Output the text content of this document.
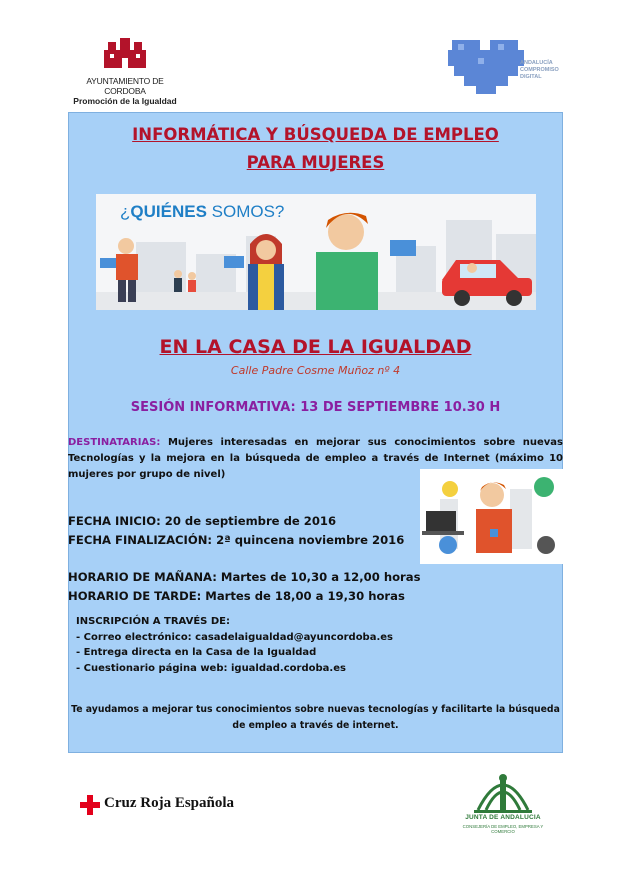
AYUNTAMIENTO DE CORDOBA
Promoción de la Igualdad
ANDALUCÍA
COMPROMISO
DIGITAL
INFORMÁTICA Y BÚSQUEDA DE EMPLEO
PARA MUJERES
¿QUIÉNES SOMOS?
EN LA CASA DE LA IGUALDAD
Calle Padre Cosme Muñoz nº 4
SESIÓN INFORMATIVA: 13 DE SEPTIEMBRE 10.30 H
DESTINATARIAS: Mujeres interesadas en mejorar sus conocimientos sobre nuevas Tecnologías y la mejora en la búsqueda de empleo a través de Internet (máximo 10 mujeres por grupo de nivel)
FECHA INICIO: 20 de septiembre de 2016
FECHA FINALIZACIÓN: 2ª quincena noviembre 2016
HORARIO DE MAÑANA: Martes de 10,30 a 12,00 horas
HORARIO DE TARDE: Martes de 18,00 a 19,30 horas
INSCRIPCIÓN A TRAVÉS DE:
- Correo electrónico: casadelaigualdad@ayuncordoba.es
- Entrega directa en la Casa de la Igualdad
- Cuestionario página web: igualdad.cordoba.es
Te ayudamos a mejorar tus conocimientos sobre nuevas tecnologías y facilitarte la búsqueda
de empleo a través de internet.
Cruz Roja Española
JUNTA DE ANDALUCIA
CONSEJERÍA DE EMPLEO, EMPRESA Y COMERCIO
